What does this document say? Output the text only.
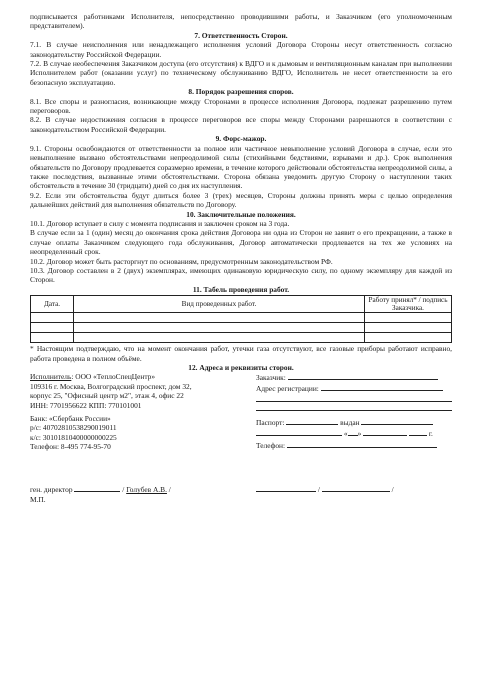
подписывается работниками Исполнителя, непосредственно проводившими работы, и Заказчиком (его уполномоченным представителем).

7. Ответственность Сторон.

7.1. В случае неисполнения или ненадлежащего исполнения условий Договора Стороны несут ответственность согласно законодательству Российской Федерации.

7.2. В случае необеспечения Заказчиком доступа (его отсутствия) к ВДГО и к дымовым и вентиляционным каналам при выполнении Исполнителем работ (оказании услуг) по техническому обслуживанию ВДГО, Исполнитель не несет ответственности за его безопасную эксплуатацию.

8. Порядок разрешения споров.

8.1. Все споры и разногласия, возникающие между Сторонами в процессе исполнения Договора, подлежат разрешению путем переговоров.

8.2. В случае недостижения согласия в процессе переговоров все споры между Сторонами разрешаются в соответствии с законодательством Российской Федерации.

9. Форс-мажор.

9.1. Стороны освобождаются от ответственности за полное или частичное невыполнение условий Договора в случае, если это невыполнение вызвано обстоятельствами непреодолимой силы (стихийными бедствиями, взрывами и др.). Срок выполнения обязательств по Договору продлевается соразмерно времени, в течение которого действовали обстоятельства непреодолимой силы, а также последствия, вызванные этими обстоятельствами. Сторона обязана уведомить другую Сторону о наступлении таких обстоятельств в течение 30 (тридцати) дней со дня их наступления.

9.2. Если эти обстоятельства будут длиться более 3 (трех) месяцев, Стороны должны принять меры с целью определения дальнейших действий для выполнения обязательств по Договору.

10. Заключительные положения.

10.1. Договор вступает в силу с момента подписания и заключен сроком на 3 года.

В случае если за 1 (один) месяц до окончания срока действия Договора ни одна из Сторон не заявит о его прекращении, а также в случае оплаты Заказчиком следующего года обслуживания, Договор автоматически продлевается на тех же условиях на неопределенный срок.

10.2. Договор может быть расторгнут по основаниям, предусмотренным законодательством РФ.

10.3. Договор составлен в 2 (двух) экземплярах, имеющих одинаковую юридическую силу, по одному экземпляру для каждой из Сторон.

11. Табель проведения работ.

Дата.	Вид проведенных работ.	Работу принял* / подпись Заказчика.

* Настоящим подтверждаю, что на момент окончания работ, утечки газа отсутствуют, все газовые приборы работают исправно, работа проведена в полном объёме.

12. Адреса и реквизиты сторон.

Исполнитель: ООО «ТеплоСпецЦентр»
109316 г. Москва, Волгоградский проспект, дом 32,
корпус 25, "Офисный центр м2", этаж 4, офис 22
ИНН: 7701956622 КПП: 770101001
Банк: «Сбербанк России»
р/с: 40702810538290019011
к/с: 30101810400000000225
Телефон: 8-495 774-95-70
Заказчик:
Адрес регистрации:
Паспорт:	выдан
« »	г.
Телефон:
ген. директор	/ Голубев А.В. /
М.П.
/	/
